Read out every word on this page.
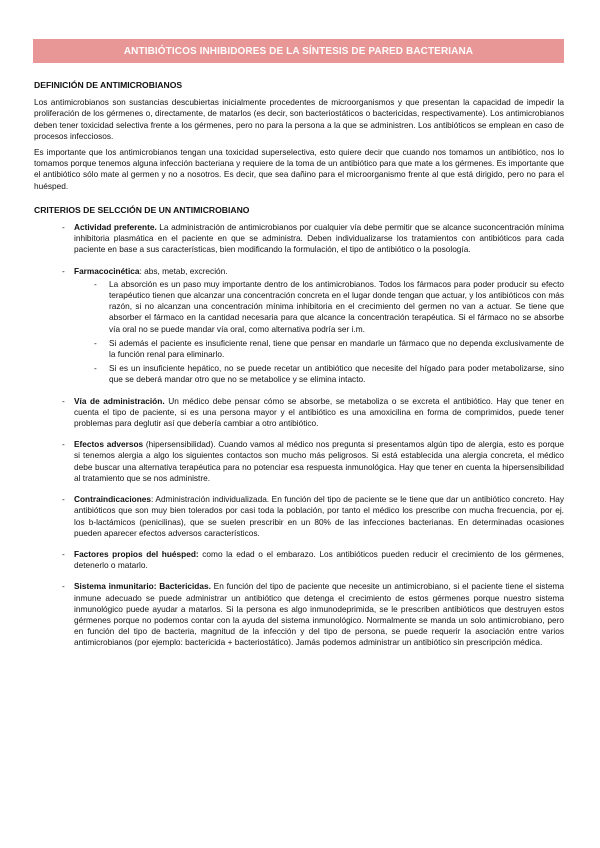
ANTIBIÓTICOS INHIBIDORES DE LA SÍNTESIS DE PARED BACTERIANA
DEFINICIÓN DE ANTIMICROBIANOS

Los antimicrobianos son sustancias descubiertas inicialmente procedentes de microorganismos y que presentan la capacidad de impedir la proliferación de los gérmenes o, directamente, de matarlos (es decir, son bacteriostáticos o bactericidas, respectivamente). Los antimicrobianos deben tener toxicidad selectiva frente a los gérmenes, pero no para la persona a la que se administren. Los antibióticos se emplean en caso de procesos infecciosos.

Es importante que los antimicrobianos tengan una toxicidad superselectiva, esto quiere decir que cuando nos tomamos un antibiótico, nos lo tomamos porque tenemos alguna infección bacteriana y requiere de la toma de un antibiótico para que mate a los gérmenes. Es importante que el antibiótico sólo mate al germen y no a nosotros. Es decir, que sea dañino para el microorganismo frente al que está dirigido, pero no para el huésped.

CRITERIOS DE SELCCIÓN DE UN ANTIMICROBIANO
- Actividad preferente. La administración de antimicrobianos por cualquier vía debe permitir que se alcance suconcentración mínima inhibitoria plasmática en el paciente en que se administra. Deben individualizarse los tratamientos con antibióticos para cada paciente en base a sus características, bien modificando la formulación, el tipo de antibiótico o la posología.
- Farmacocinética: abs, metab, excreción.
- La absorción es un paso muy importante dentro de los antimicrobianos. Todos los fármacos para poder producir su efecto terapéutico tienen que alcanzar una concentración concreta en el lugar donde tengan que actuar, y los antibióticos con más razón, si no alcanzan una concentración mínima inhibitoria en el crecimiento del germen no van a actuar. Se tiene que absorber el fármaco en la cantidad necesaria para que alcance la concentración terapéutica. Si el fármaco no se absorbe vía oral no se puede mandar vía oral, como alternativa podría ser i.m.
- Si además el paciente es insuficiente renal, tiene que pensar en mandarle un fármaco que no dependa exclusivamente de la función renal para eliminarlo.
- Si es un insuficiente hepático, no se puede recetar un antibiótico que necesite del hígado para poder metabolizarse, sino que se deberá mandar otro que no se metabolice y se elimina intacto.
- Vía de administración. Un médico debe pensar cómo se absorbe, se metaboliza o se excreta el antibiótico. Hay que tener en cuenta el tipo de paciente, si es una persona mayor y el antibiótico es una amoxicilina en forma de comprimidos, puede tener problemas para deglutir así que debería cambiar a otro antibiótico.
- Efectos adversos (hipersensibilidad). Cuando vamos al médico nos pregunta si presentamos algún tipo de alergia, esto es porque si tenemos alergia a algo los siguientes contactos son mucho más peligrosos. Si está establecida una alergia concreta, el médico debe buscar una alternativa terapéutica para no potenciar esa respuesta inmunológica. Hay que tener en cuenta la hipersensibilidad al tratamiento que se nos administre.
- Contraindicaciones: Administración individualizada. En función del tipo de paciente se le tiene que dar un antibiótico concreto. Hay antibióticos que son muy bien tolerados por casi toda la población, por tanto el médico los prescribe con mucha frecuencia, por ej. los b-lactámicos (penicilinas), que se suelen prescribir en un 80% de las infecciones bacterianas. En determinadas ocasiones pueden aparecer efectos adversos característicos.
- Factores propios del huésped: como la edad o el embarazo. Los antibióticos pueden reducir el crecimiento de los gérmenes, detenerlo o matarlo.
- Sistema inmunitario: Bactericidas. En función del tipo de paciente que necesite un antimicrobiano, si el paciente tiene el sistema inmune adecuado se puede administrar un antibiótico que detenga el crecimiento de estos gérmenes porque nuestro sistema inmunológico puede ayudar a matarlos. Si la persona es algo inmunodeprimida, se le prescriben antibióticos que destruyen estos gérmenes porque no podemos contar con la ayuda del sistema inmunológico. Normalmente se manda un solo antimicrobiano, pero en función del tipo de bacteria, magnitud de la infección y del tipo de persona, se puede requerir la asociación entre varios antimicrobianos (por ejemplo: bactericida + bacteriostático). Jamás podemos administrar un antibiótico sin prescripción médica.
